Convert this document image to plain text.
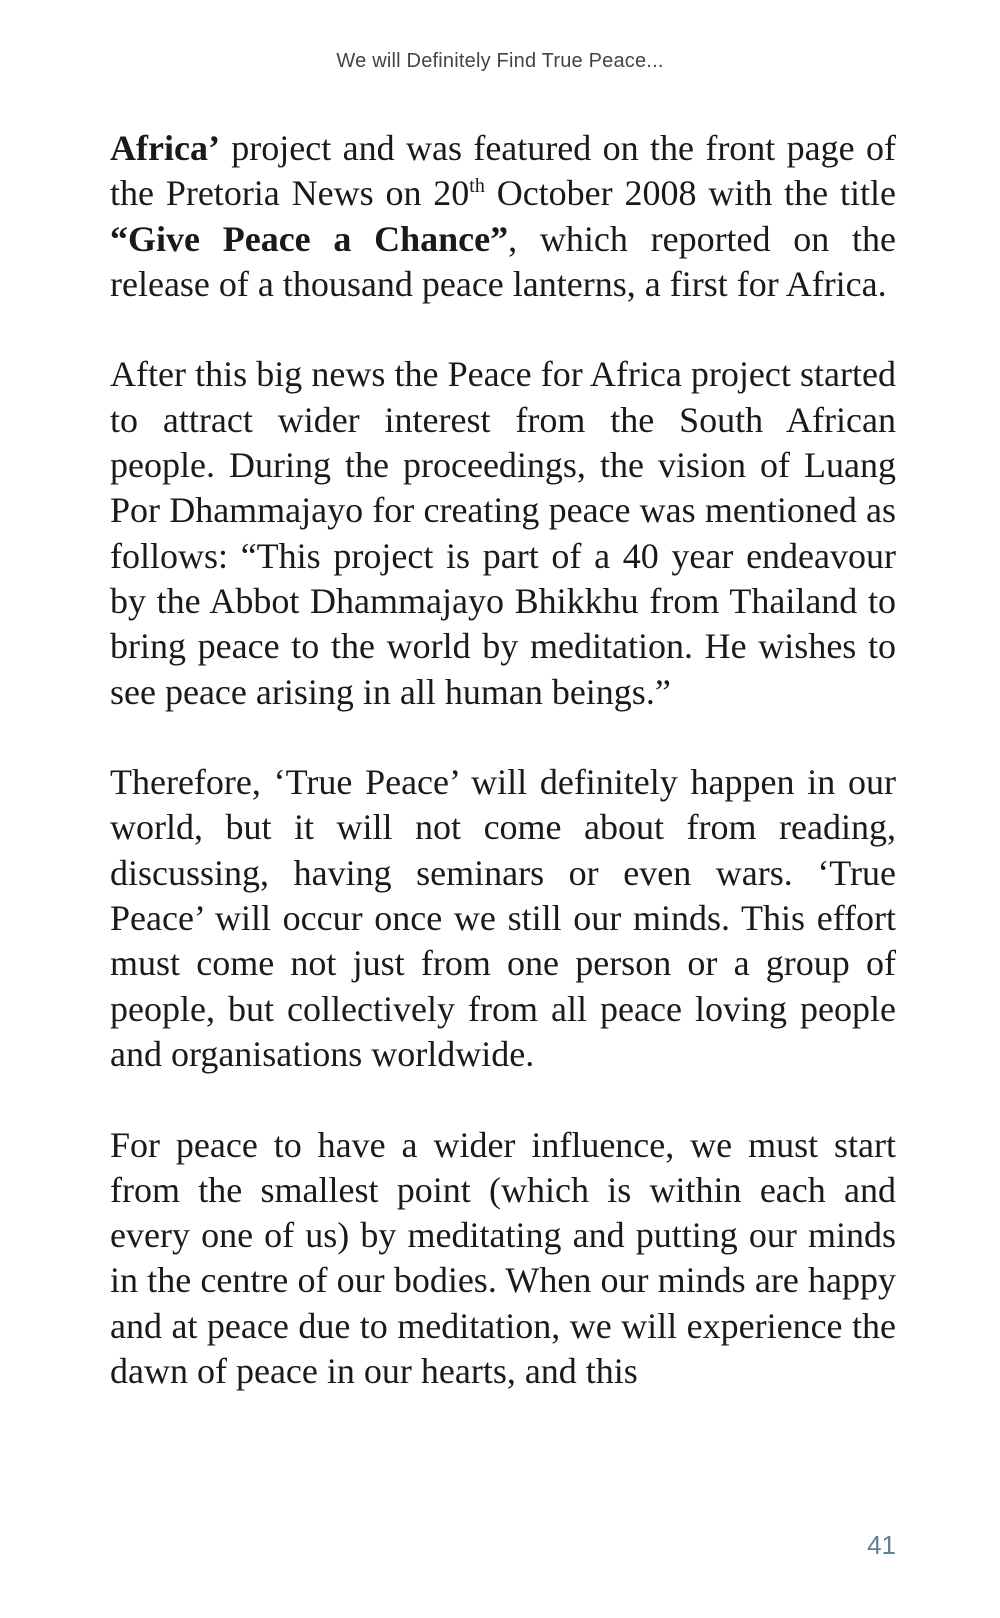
We will Definitely Find True Peace...

Africa’ project and was featured on the front page of the Pretoria News on 20th October 2008 with the title “Give Peace a Chance”, which reported on the release of a thousand peace lanterns, a first for Africa.

After this big news the Peace for Africa project started to attract wider interest from the South African people. During the proceedings, the vision of Luang Por Dhammajayo for creating peace was mentioned as follows: “This project is part of a 40 year endeavour by the Abbot Dhammajayo Bhikkhu from Thailand to bring peace to the world by meditation. He wishes to see peace arising in all human beings.”

Therefore, ‘True Peace’ will definitely happen in our world, but it will not come about from reading, discussing, having seminars or even wars. ‘True Peace’ will occur once we still our minds. This effort must come not just from one person or a group of people, but collectively from all peace loving people and organisations worldwide.

For peace to have a wider influence, we must start from the smallest point (which is within each and every one of us) by meditating and putting our minds in the centre of our bodies. When our minds are happy and at peace due to meditation, we will experience the dawn of peace in our hearts, and this

41
